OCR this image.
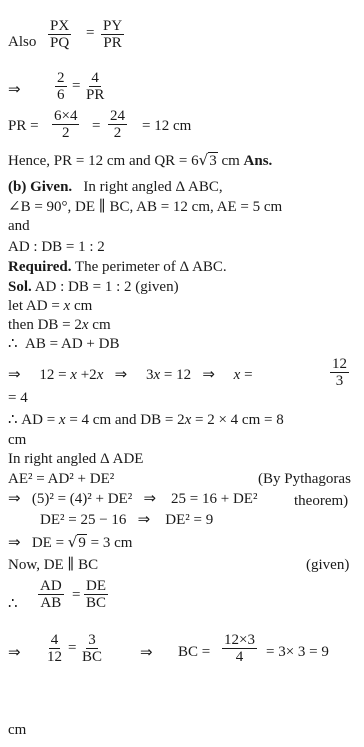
Also $\frac{PX}{PQ} = \frac{PY}{PR}$
⇒ $\frac{2}{6} = \frac{4}{PR}$
PR = $\frac{6\times 4}{2} = \frac{24}{2} = 12$ cm
Hence, PR = 12 cm and QR = 6√3 cm Ans.
(b) Given. In right angled Δ ABC,
∠B = 90°, DE ∥ BC, AB = 12 cm, AE = 5 cm
and
AD : DB = 1 : 2
Required. The perimeter of Δ ABC.
Sol. AD : DB = 1 : 2 (given)
let AD = x cm
then DB = 2x cm
∴ AB = AD + DB
⇒ 12 = x +2x ⇒ 3x = 12 ⇒ x =	$\frac{12}{3}$
= 4
∴ AD = x = 4 cm and DB = 2x = 2 × 4 cm = 8
cm
In right angled Δ ADE
AE² = AD² + DE²	(By Pythagoras
⇒ (5)² = (4)² + DE² ⇒ 25 = 16 + DE² theorem)
DE² = 25 − 16 ⇒ DE² = 9
⇒ DE = √9 = 3 cm
Now, DE ∥ BC	(given)
∴ $\frac{AD}{AB} = \frac{DE}{BC}$
⇒ $\frac{4}{12} = \frac{3}{BC}$ ⇒ BC = $\frac{12\times 3}{4} = 3\times 3 = 9$
cm
